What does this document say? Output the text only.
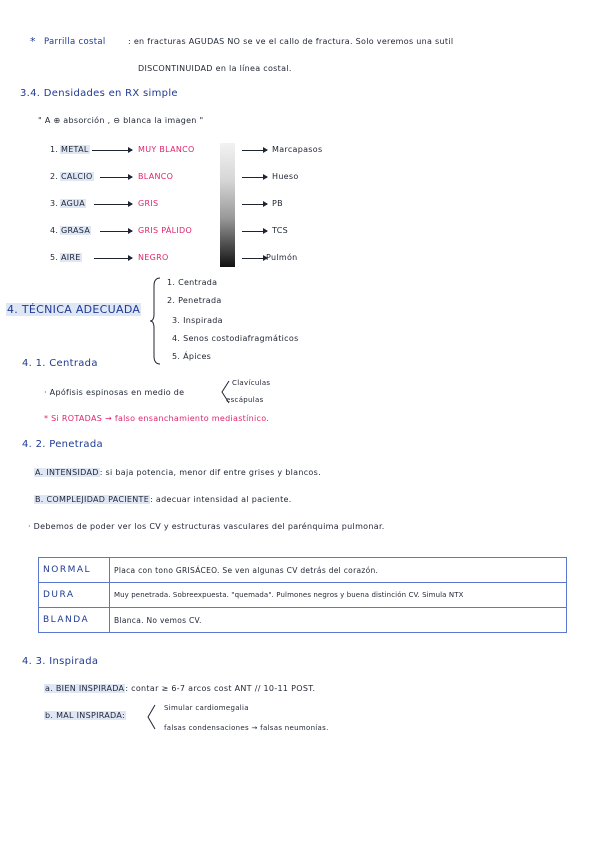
* Parrilla costal	: en fracturas AGUDAS NO se ve el callo de fractura. Solo veremos una sutil
DISCONTINUIDAD en la línea costal.
3.4. Densidades en RX simple
" A ⊕ absorción , ⊖ blanca la imagen "
1. METAL	MUY BLANCO	Marcapasos
2. CALCIO	BLANCO	Hueso
3. AGUA	GRIS	PB
4. GRASA	GRIS PÁLIDO	TCS
5. AIRE	NEGRO	Pulmón
4. TÉCNICA ADECUADA
1. Centrada
2. Penetrada
3. Inspirada
4. Senos costodiafragmáticos
5. Ápices
4. 1. Centrada
· Apófisis espinosas en medio de
Clavículas
escápulas
* Si ROTADAS → falso ensanchamiento mediastínico.
4. 2. Penetrada
A. INTENSIDAD: si baja potencia, menor dif entre grises y blancos.
B. COMPLEJIDAD PACIENTE: adecuar intensidad al paciente.
· Debemos de poder ver los CV y estructuras vasculares del parénquima pulmonar.
NORMAL	Placa con tono GRISÁCEO. Se ven algunas CV detrás del corazón.
DURA	Muy penetrada. Sobreexpuesta. "quemada". Pulmones negros y buena distinción CV. Simula NTX
BLANDA	Blanca. No vemos CV.
4. 3. Inspirada
a. BIEN INSPIRADA: contar ≥ 6-7 arcos cost ANT // 10-11 POST.
b. MAL INSPIRADA:
Simular cardiomegalia
falsas condensaciones → falsas neumonías.
